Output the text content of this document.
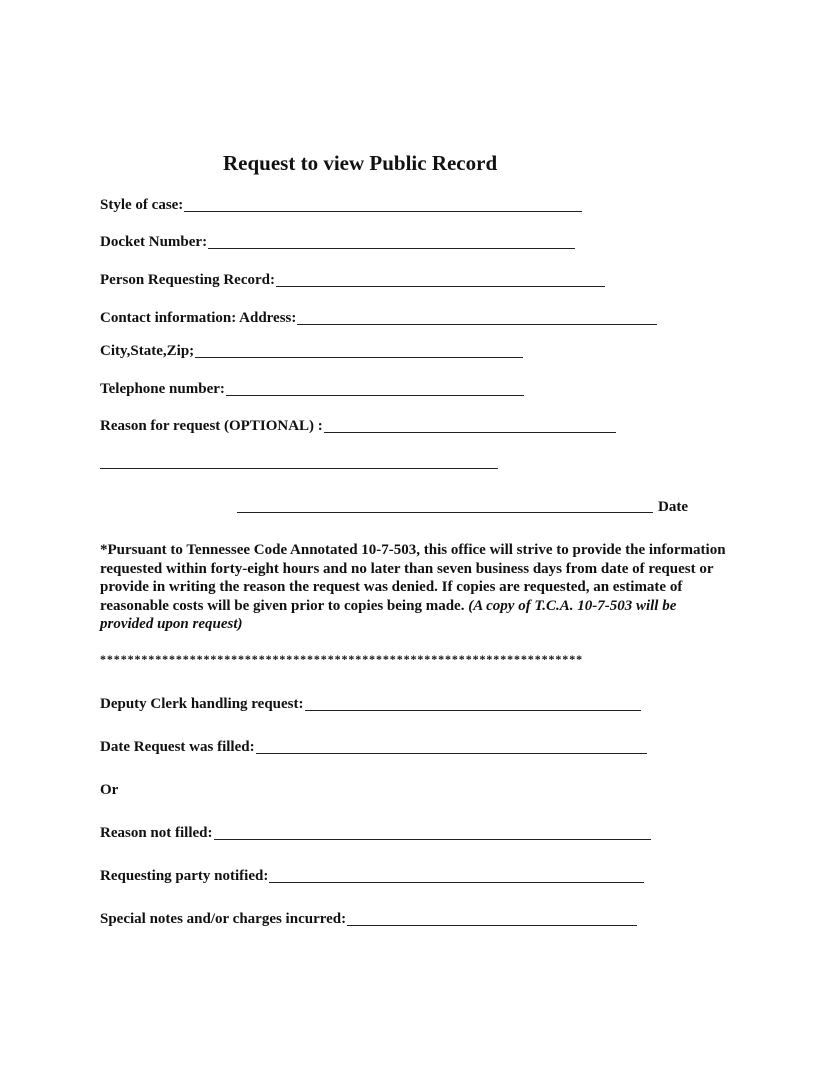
Request to view Public Record
Style of case:
Docket Number:
Person Requesting Record:
Contact information: Address:
City,State,Zip;
Telephone number:
Reason for request (OPTIONAL) :
Date
*Pursuant to Tennessee Code Annotated 10-7-503, this office will strive to provide the information requested within forty-eight hours and no later than seven business days from date of request or provide in writing the reason the request was denied. If copies are requested, an estimate of reasonable costs will be given prior to copies being made. (A copy of T.C.A. 10-7-503 will be provided upon request)
**********************************************************************
Deputy Clerk handling request:
Date Request was filled:
Or
Reason not filled:
Requesting party notified:
Special notes and/or charges incurred:
